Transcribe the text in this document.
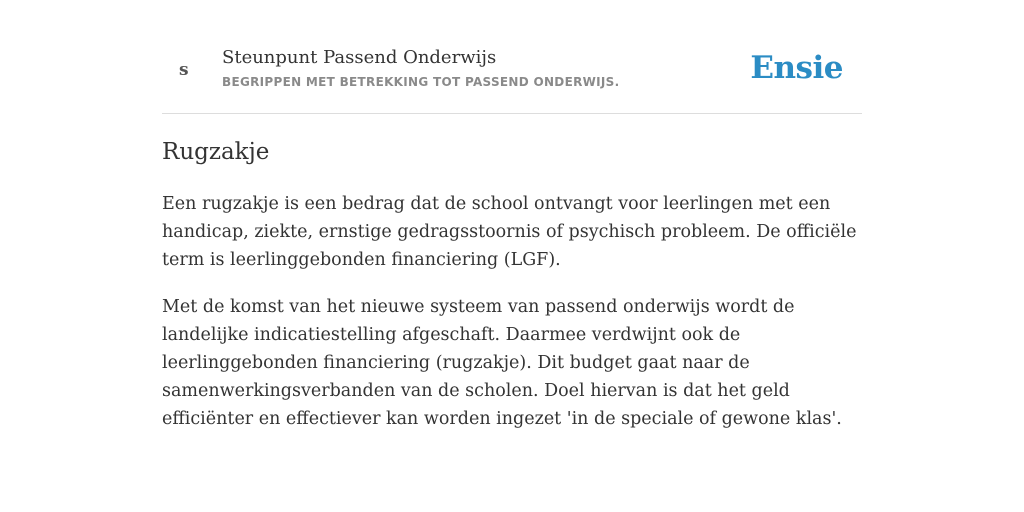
s
Steunpunt Passend Onderwijs
BEGRIPPEN MET BETREKKING TOT PASSEND ONDERWIJS.	Ensie
Rugzakje

Een rugzakje is een bedrag dat de school ontvangt voor leerlingen met een handicap, ziekte, ernstige gedragsstoornis of psychisch probleem. De officiële term is leerlinggebonden financiering (LGF).

Met de komst van het nieuwe systeem van passend onderwijs wordt de landelijke indicatiestelling afgeschaft. Daarmee verdwijnt ook de leerlinggebonden financiering (rugzakje). Dit budget gaat naar de samenwerkingsverbanden van de scholen. Doel hiervan is dat het geld efficiënter en effectiever kan worden ingezet 'in de speciale of gewone klas'.
